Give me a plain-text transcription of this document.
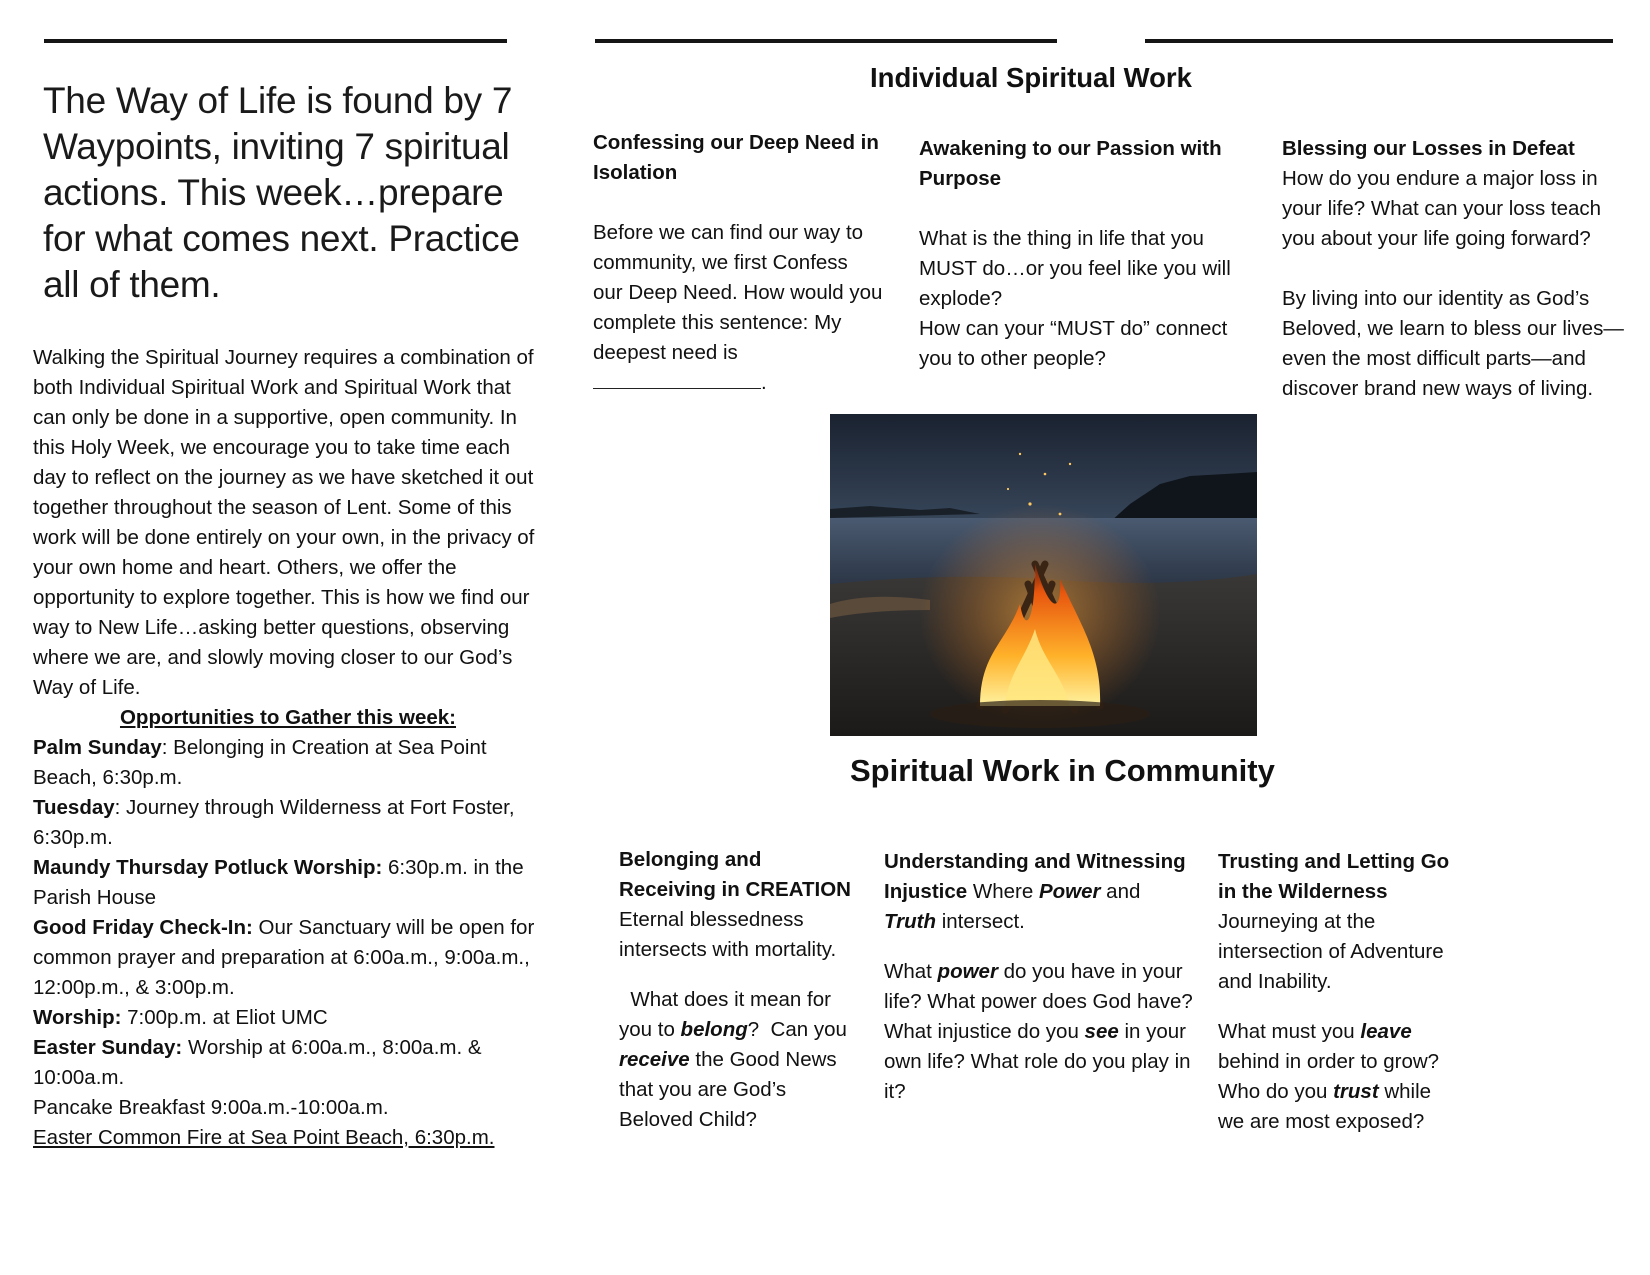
The Way of Life is found by 7 Waypoints, inviting 7 spiritual actions. This week…prepare for what comes next. Practice all of them.

Walking the Spiritual Journey requires a combination of both Individual Spiritual Work and Spiritual Work that can only be done in a supportive, open community. In this Holy Week, we encourage you to take time each day to reflect on the journey as we have sketched it out together throughout the season of Lent. Some of this work will be done entirely on your own, in the privacy of your own home and heart. Others, we offer the opportunity to explore together. This is how we find our way to New Life…asking better questions, observing where we are, and slowly moving closer to our God’s Way of Life.

Opportunities to Gather this week:

Palm Sunday: Belonging in Creation at Sea Point Beach, 6:30p.m.

Tuesday: Journey through Wilderness at Fort Foster, 6:30p.m.

Maundy Thursday Potluck Worship: 6:30p.m. in the Parish House

Good Friday Check-In: Our Sanctuary will be open for common prayer and preparation at 6:00a.m., 9:00a.m., 12:00p.m., & 3:00p.m.

Worship: 7:00p.m. at Eliot UMC

Easter Sunday: Worship at 6:00a.m., 8:00a.m. & 10:00a.m.

Pancake Breakfast 9:00a.m.-10:00a.m.

Easter Common Fire at Sea Point Beach, 6:30p.m.

Individual Spiritual Work
Confessing our Deep Need in Isolation

Before we can find our way to community, we first Confess our Deep Need. How would you complete this sentence: My deepest need is .

Awakening to our Passion with Purpose

What is the thing in life that you MUST do…or you feel like you will explode?

How can your “MUST do” connect you to other people?

Blessing our Losses in Defeat

How do you endure a major loss in your life? What can your loss teach you about your life going forward?

By living into our identity as God’s Beloved, we learn to bless our lives—even the most difficult parts—and discover brand new ways of living.

Spiritual Work in Community
Belonging and Receiving in CREATION

Eternal blessedness intersects with mortality.

What does it mean for you to belong?  Can you receive the Good News that you are God’s Beloved Child?

Understanding and Witnessing Injustice Where Power and Truth intersect.

What power do you have in your life? What power does God have? What injustice do you see in your own life? What role do you play in it?

Trusting and Letting Go in the Wilderness

Journeying at the intersection of Adventure and Inability.

What must you leave behind in order to grow? Who do you trust while we are most exposed?
